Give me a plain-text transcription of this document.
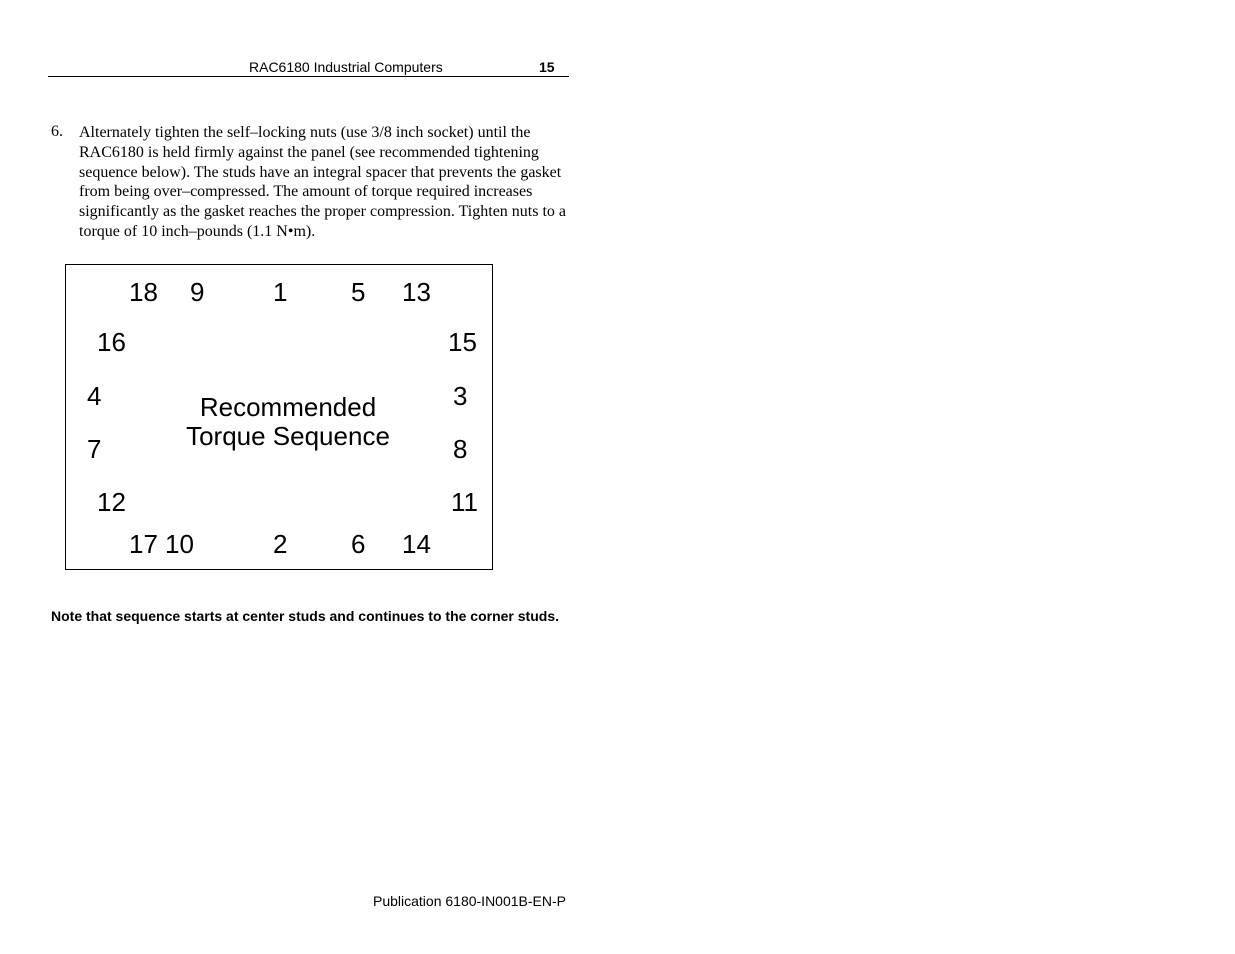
RAC6180 Industrial Computers	15
6. Alternately tighten the self–locking nuts (use 3/8 inch socket) until the RAC6180 is held firmly against the panel (see recommended tightening sequence below). The studs have an integral spacer that prevents the gasket from being over–compressed. The amount of torque required increases significantly as the gasket reaches the proper compression. Tighten nuts to a torque of 10 inch–pounds (1.1 N•m).
18 9	1 5 13
16
4
7
12
15
3
8
11
Recommended
Torque Sequence
17 10	2 6 14
Note that sequence starts at center studs and continues to the corner studs.
Publication 6180-IN001B-EN-P
